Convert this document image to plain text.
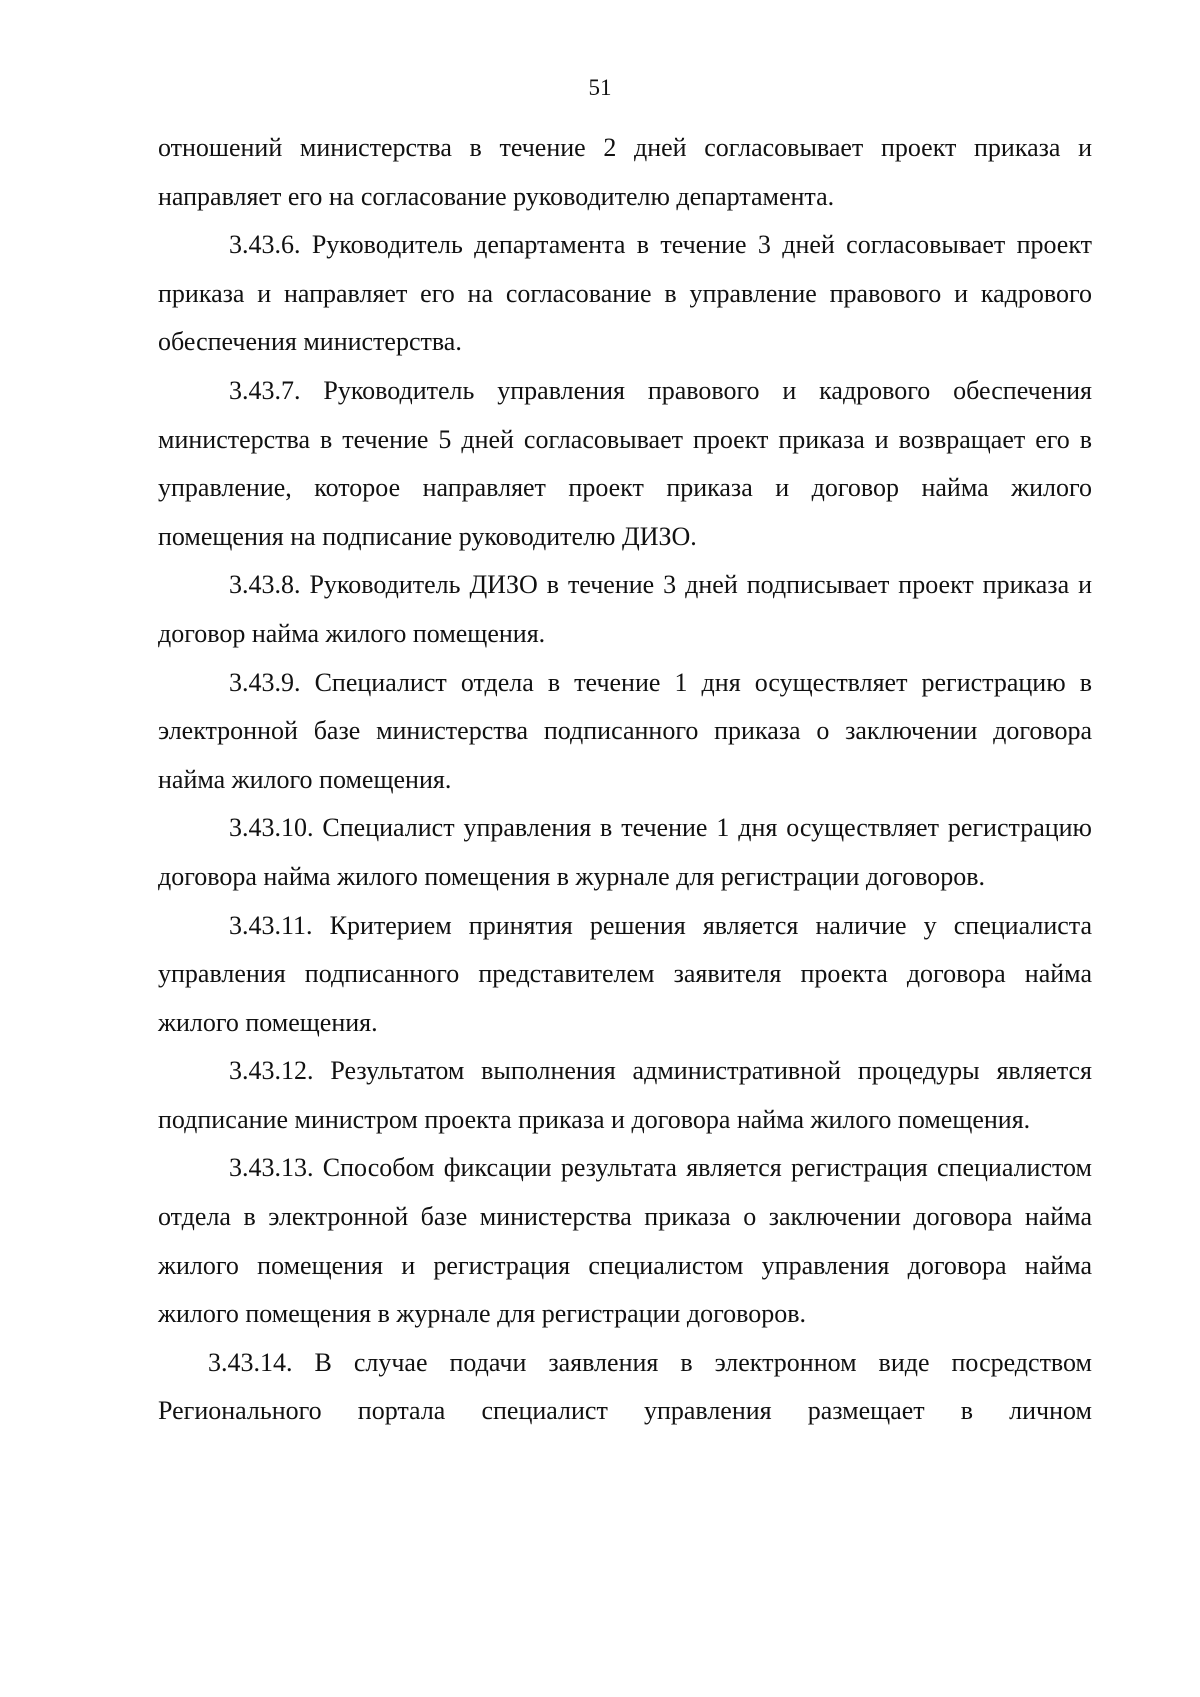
51

отношений министерства в течение 2 дней согласовывает проект приказа и направляет его на согласование руководителю департамента.

3.43.6. Руководитель департамента в течение 3 дней согласовывает проект приказа и направляет его на согласование в управление правового и кадрового обеспечения министерства.

3.43.7. Руководитель управления правового и кадрового обеспечения министерства в течение 5 дней согласовывает проект приказа и возвращает его в управление, которое направляет проект приказа и договор найма жилого помещения на подписание руководителю ДИЗО.

3.43.8. Руководитель ДИЗО в течение 3 дней подписывает проект приказа и договор найма жилого помещения.

3.43.9. Специалист отдела в течение 1 дня осуществляет регистрацию в электронной базе министерства подписанного приказа о заключении договора найма жилого помещения.

3.43.10. Специалист управления в течение 1 дня осуществляет регистрацию договора найма жилого помещения в журнале для регистрации договоров.

3.43.11. Критерием принятия решения является наличие у специалиста управления подписанного представителем заявителя проекта договора найма жилого помещения.

3.43.12. Результатом выполнения административной процедуры является подписание министром проекта приказа и договора найма жилого помещения.

3.43.13. Способом фиксации результата является регистрация специалистом отдела в электронной базе министерства приказа о заключении договора найма жилого помещения и регистрация специалистом управления договора найма жилого помещения в журнале для регистрации договоров.

3.43.14. В случае подачи заявления в электронном виде посредством Регионального портала специалист управления размещает в личном
